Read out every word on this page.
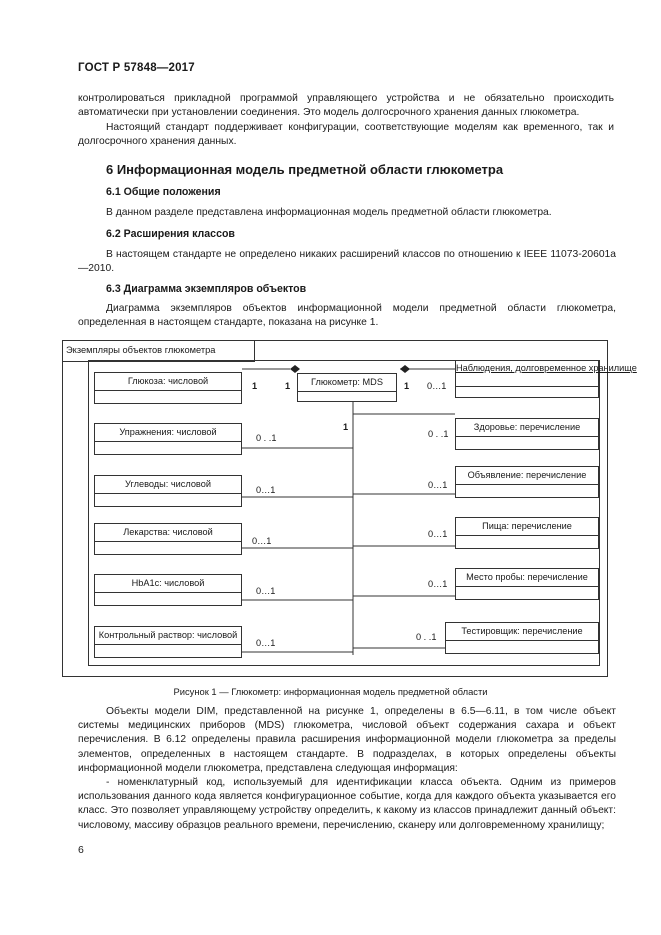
ГОСТ Р 57848—2017
контролироваться прикладной программой управляющего устройства и не обязательно происходить автоматически при установлении соединения. Это модель долгосрочного хранения данных глюкометра.
Настоящий стандарт поддерживает конфигурации, соответствующие моделям как временного, так и долгосрочного хранения данных.
6 Информационная модель предметной области глюкометра
6.1 Общие положения
В данном разделе представлена информационная модель предметной области глюкометра.
6.2 Расширения классов
В настоящем стандарте не определено никаких расширений классов по отношению к IEEE 11073-20601a—2010.
6.3 Диаграмма экземпляров объектов
Диаграмма экземпляров объектов информационной модели предметной области глюкометра, определенная в настоящем стандарте, показана на рисунке 1.
Экземпляры объектов глюкометра
Глюкометр: MDS
Наблюдения, долговременное хранилище
Глюкоза: числовой
Упражнения: числовой
Углеводы: числовой
Лекарства: числовой
HbA1c: числовой
Контрольный раствор: числовой
Здоровье: перечисление
Объявление: перечисление
Пища: перечисление
Место пробы: перечисление
Тестировщик: перечисление
1	1	1 0…1
1
0 . .1
0…1
0…1
0…1
0…1
0 . .1
0…1
0…1
0…1
0 . .1
Рисунок 1 — Глюкометр: информационная модель предметной области
Объекты модели DIM, представленной на рисунке 1, определены в 6.5—6.11, в том числе объект системы медицинских приборов (MDS) глюкометра, числовой объект содержания сахара и объект перечисления. В 6.12 определены правила расширения информационной модели глюкометра за пределы элементов, определенных в настоящем стандарте. В подразделах, в которых определены объекты информационной модели глюкометра, представлена следующая информация:
- номенклатурный код, используемый для идентификации класса объекта. Одним из примеров использования данного кода является конфигурационное событие, когда для каждого объекта указывается его класс. Это позволяет управляющему устройству определить, к какому из классов принадлежит данный объект: числовому, массиву образцов реального времени, перечислению, сканеру или долговременному хранилищу;
6
